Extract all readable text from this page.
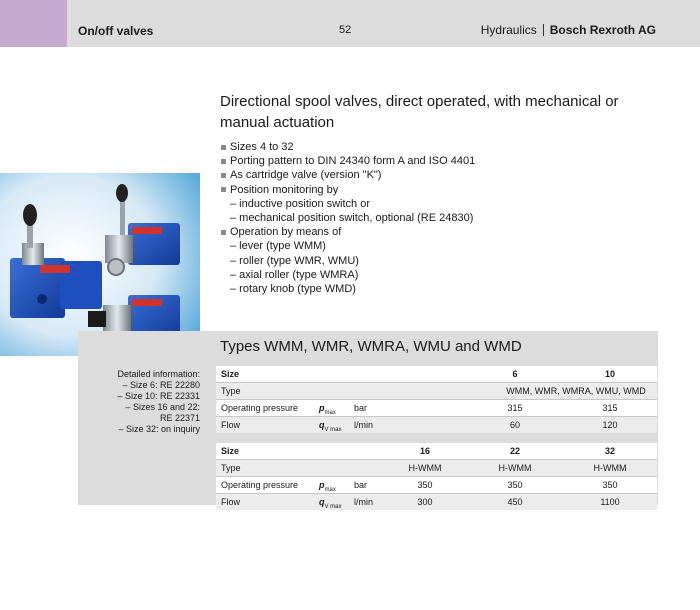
On/off valves	52	Hydraulics Bosch Rexroth AG
Directional spool valves, direct operated, with mechanical or manual actuation
Sizes 4 to 32
Porting pattern to DIN 24340 form A and ISO 4401
As cartridge valve (version "K")
Position monitoring by
– inductive position switch or
– mechanical position switch, optional (RE 24830)
Operation by means of
– lever (type WMM)
– roller (type WMR, WMU)
– axial roller (type WMRA)
– rotary knob (type WMD)
Types WMM, WMR, WMRA, WMU and WMD
Detailed information:
– Size 6: RE 22280
– Size 10: RE 22331
– Sizes 16 and 22:
RE 22371
– Size 32: on inquiry
Size	6	10
Type	WMM, WMR, WMRA, WMU, WMD
Operating pressure $p_{max}$ bar	315	315
Flow	$q_{V max}$ l/min	60	120
Size	16	22	32
Type	H-WMM	H-WMM	H-WMM
Operating pressure $p_{max}$ bar	350	350	350
Flow	$q_{V max}$ l/min	300	450	1100
